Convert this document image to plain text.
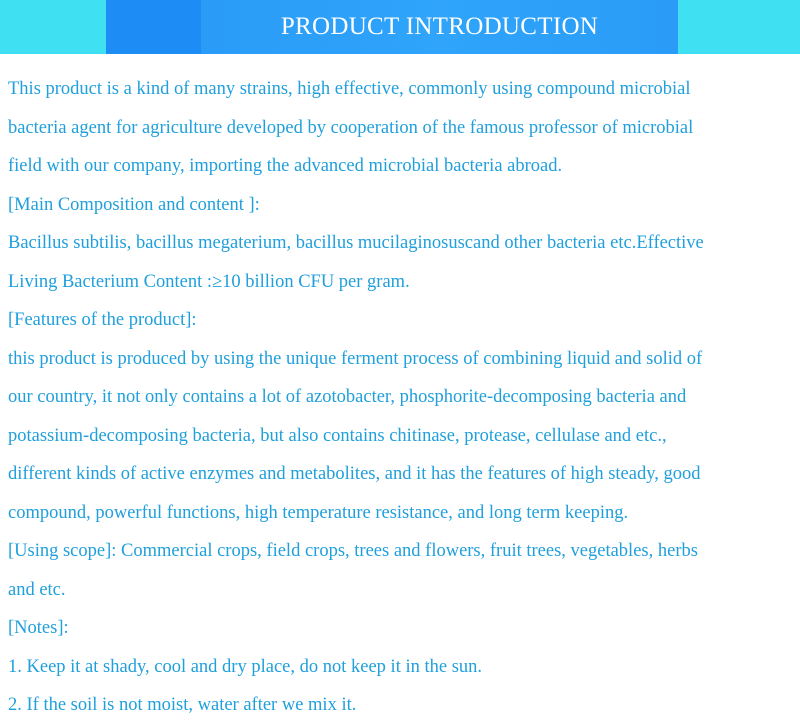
PRODUCT INTRODUCTION
This product is a kind of many strains, high effective, commonly using compound microbial
bacteria agent for agriculture developed by cooperation of the famous professor of microbial
field with our company, importing the advanced microbial bacteria abroad.
[Main Composition and content ]:
Bacillus subtilis, bacillus megaterium, bacillus mucilaginosuscand other bacteria etc.Effective
Living Bacterium Content :≥10 billion CFU per gram.
[Features of the product]:
this product is produced by using the unique ferment process of combining liquid and solid of
our country, it not only contains a lot of azotobacter, phosphorite-decomposing bacteria and
potassium-decomposing bacteria, but also contains chitinase, protease, cellulase and etc.,
different kinds of active enzymes and metabolites, and it has the features of high steady, good
compound, powerful functions, high temperature resistance, and long term keeping.
[Using scope]: Commercial crops, field crops, trees and flowers, fruit trees, vegetables, herbs
and etc.
[Notes]:
1. Keep it at shady, cool and dry place, do not keep it in the sun.
2. If the soil is not moist, water after we mix it.
